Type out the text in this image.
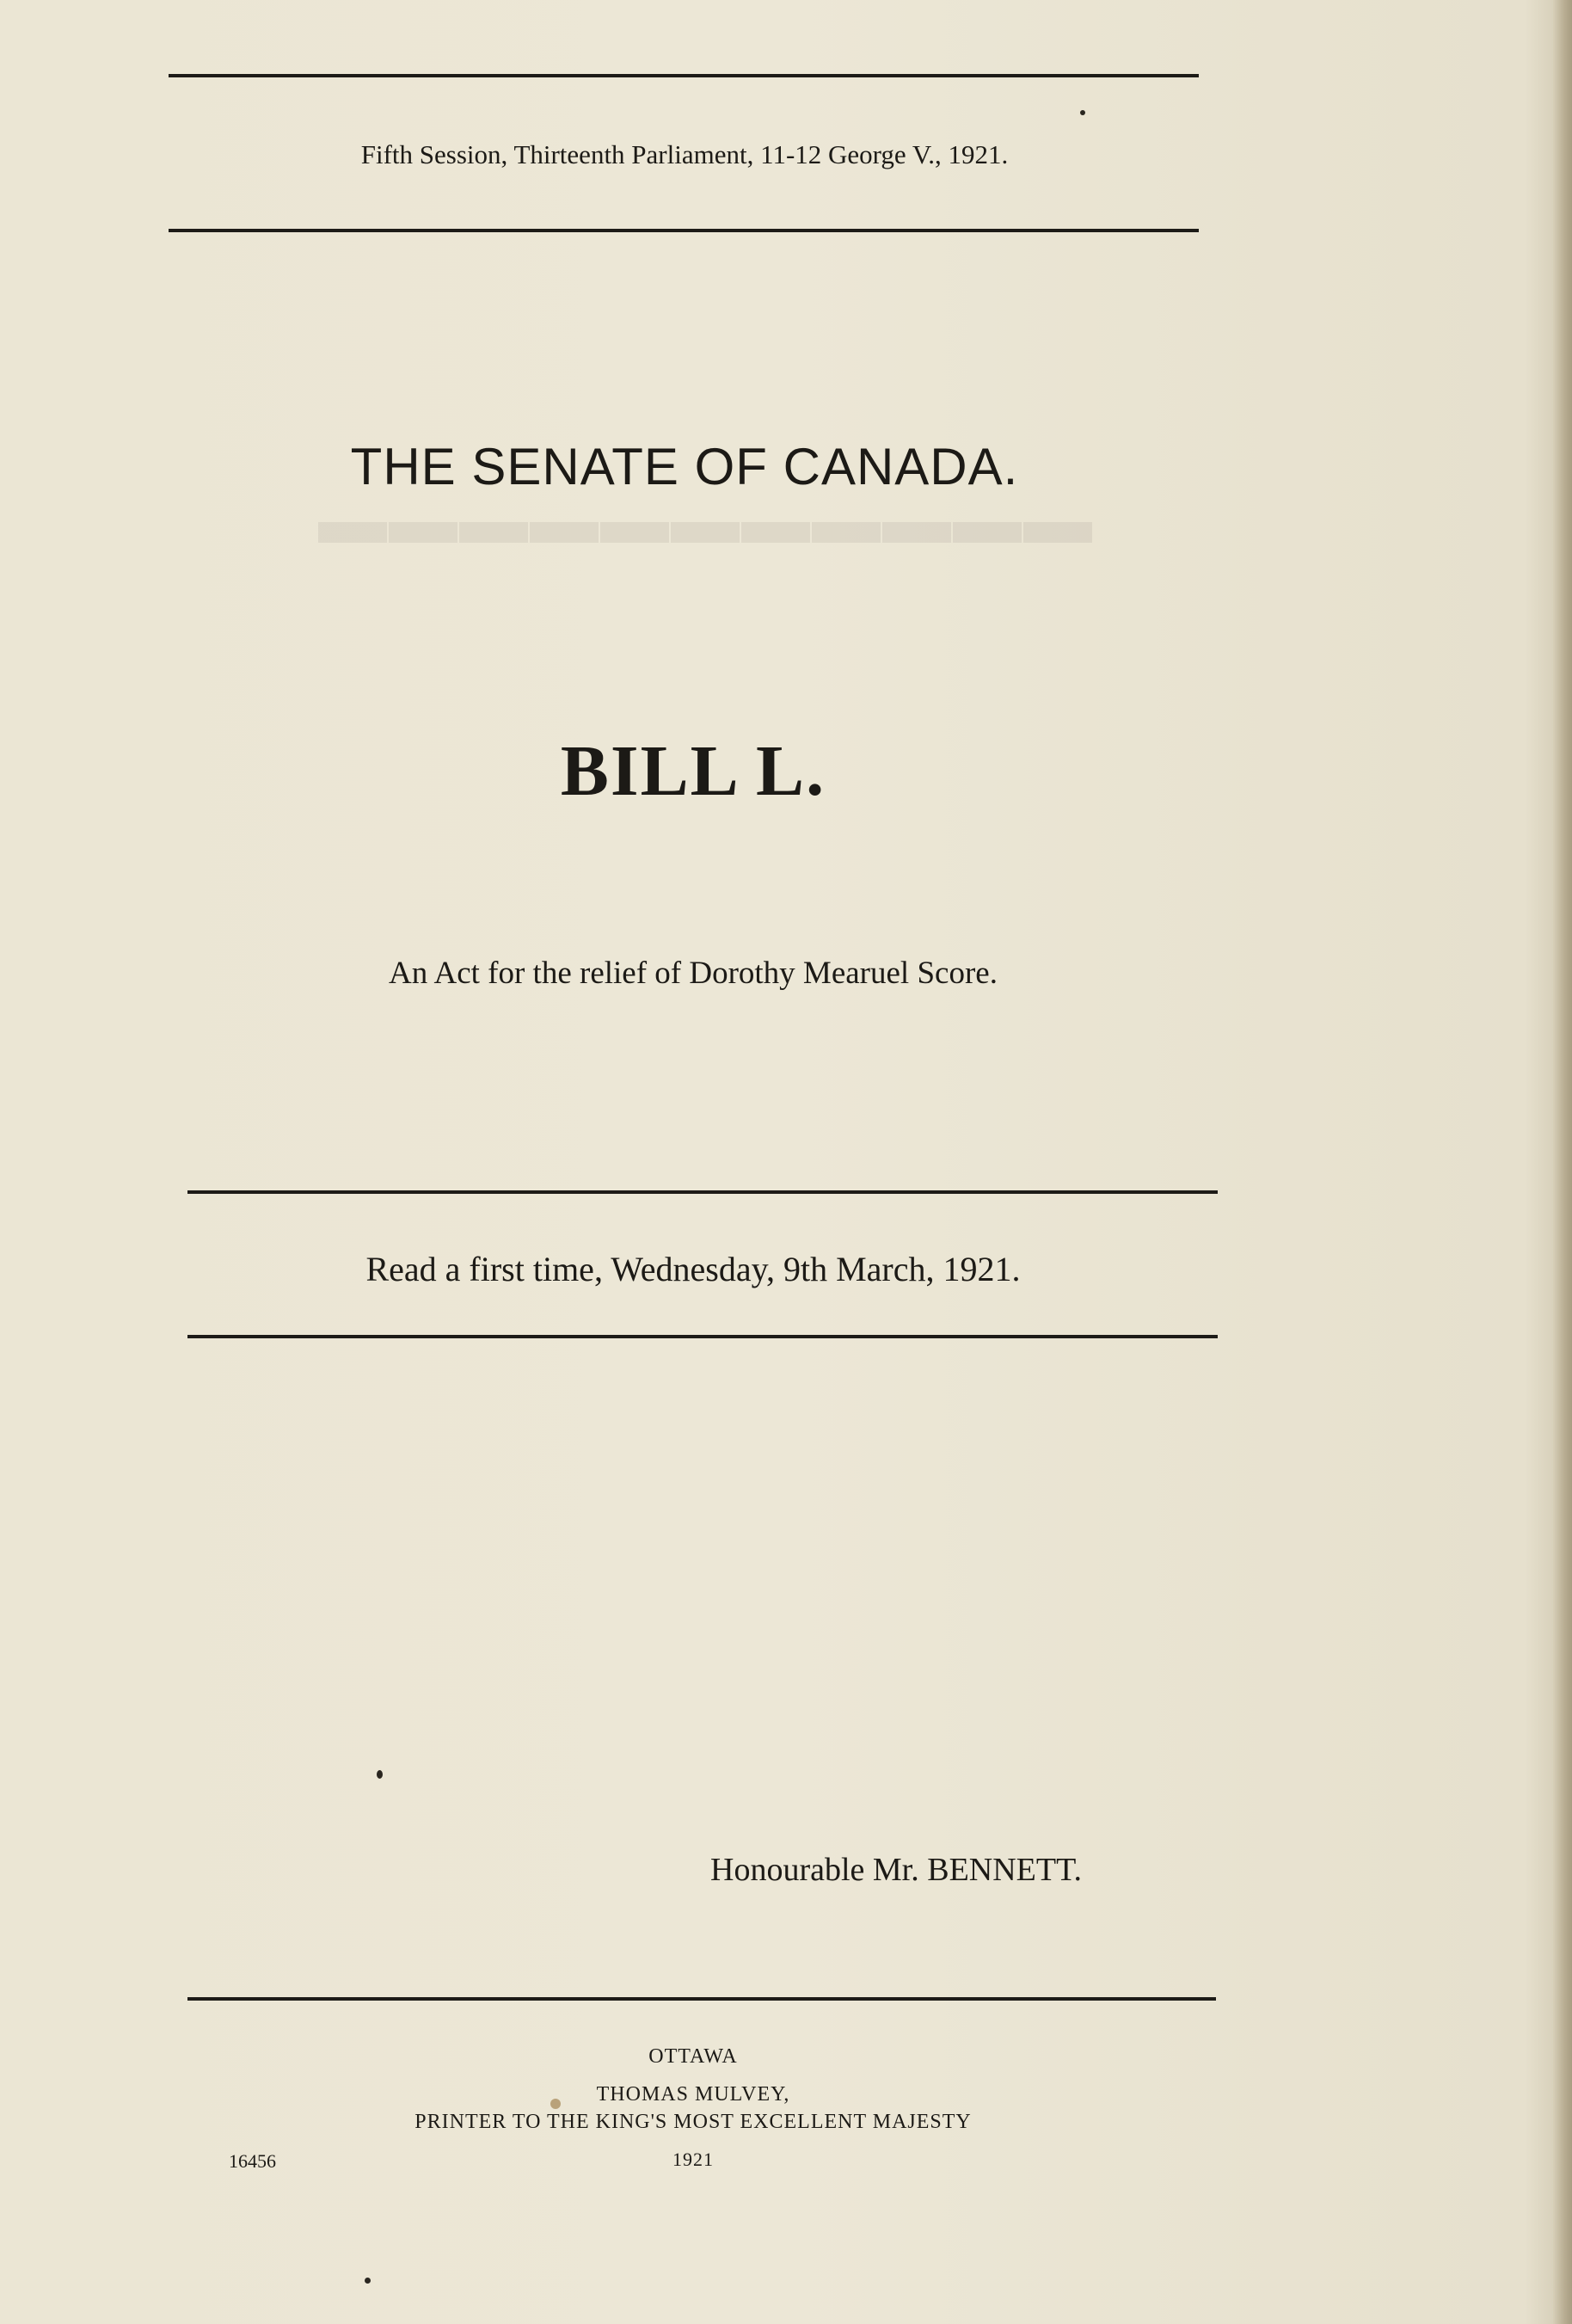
▬▬▬▬▬▬▬▬▬▬▬
Fifth Session, Thirteenth Parliament, 11-12 George V., 1921.
THE SENATE OF CANADA.
BILL L.
An Act for the relief of Dorothy Mearuel Score.
Read a first time, Wednesday, 9th March, 1921.
Honourable Mr. BENNETT.
OTTAWA
THOMAS MULVEY,
PRINTER TO THE KING'S MOST EXCELLENT MAJESTY
16456	1921
